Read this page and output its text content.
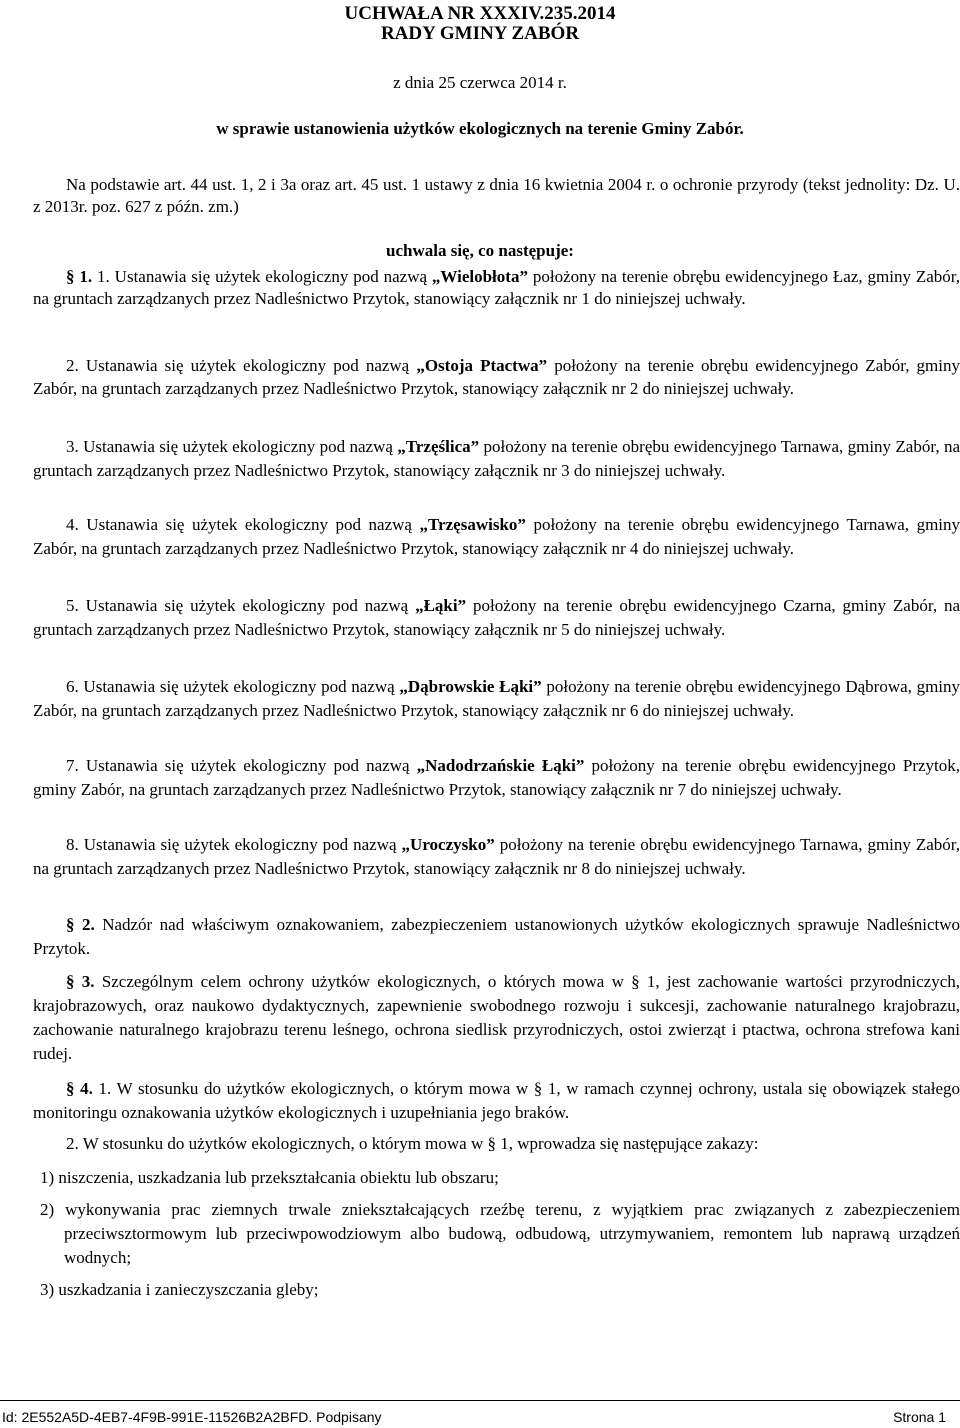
UCHWAŁA NR XXXIV.235.2014
RADY GMINY ZABÓR
z dnia 25 czerwca 2014 r.
w sprawie ustanowienia użytków ekologicznych na terenie Gminy Zabór.

Na podstawie art. 44 ust. 1, 2 i 3a oraz art. 45 ust. 1 ustawy z dnia 16 kwietnia 2004 r. o ochronie przyrody (tekst jednolity: Dz. U. z 2013r. poz. 627 z późn. zm.)

uchwala się, co następuje:
§ 1. 1. Ustanawia się użytek ekologiczny pod nazwą „Wielobłota” położony na terenie obrębu ewidencyjnego Łaz, gminy Zabór, na gruntach zarządzanych przez Nadleśnictwo Przytok, stanowiący załącznik nr 1 do niniejszej uchwały.
2. Ustanawia się użytek ekologiczny pod nazwą „Ostoja Ptactwa” położony na terenie obrębu ewidencyjnego Zabór, gminy Zabór, na gruntach zarządzanych przez Nadleśnictwo Przytok, stanowiący załącznik nr 2 do niniejszej uchwały.
3. Ustanawia się użytek ekologiczny pod nazwą „Trzęślica” położony na terenie obrębu ewidencyjnego Tarnawa, gminy Zabór, na gruntach zarządzanych przez Nadleśnictwo Przytok, stanowiący załącznik nr 3 do niniejszej uchwały.
4. Ustanawia się użytek ekologiczny pod nazwą „Trzęsawisko” położony na terenie obrębu ewidencyjnego Tarnawa, gminy Zabór, na gruntach zarządzanych przez Nadleśnictwo Przytok, stanowiący załącznik nr 4 do niniejszej uchwały.
5. Ustanawia się użytek ekologiczny pod nazwą „Łąki” położony na terenie obrębu ewidencyjnego Czarna, gminy Zabór, na gruntach zarządzanych przez Nadleśnictwo Przytok, stanowiący załącznik nr 5 do niniejszej uchwały.
6. Ustanawia się użytek ekologiczny pod nazwą „Dąbrowskie Łąki” położony na terenie obrębu ewidencyjnego Dąbrowa, gminy Zabór, na gruntach zarządzanych przez Nadleśnictwo Przytok, stanowiący załącznik nr 6 do niniejszej uchwały.
7. Ustanawia się użytek ekologiczny pod nazwą „Nadodrzańskie Łąki” położony na terenie obrębu ewidencyjnego Przytok, gminy Zabór, na gruntach zarządzanych przez Nadleśnictwo Przytok, stanowiący załącznik nr 7 do niniejszej uchwały.
8. Ustanawia się użytek ekologiczny pod nazwą „Uroczysko” położony na terenie obrębu ewidencyjnego Tarnawa, gminy Zabór, na gruntach zarządzanych przez Nadleśnictwo Przytok, stanowiący załącznik nr 8 do niniejszej uchwały.
§ 2. Nadzór nad właściwym oznakowaniem, zabezpieczeniem ustanowionych użytków ekologicznych sprawuje Nadleśnictwo Przytok.
§ 3. Szczególnym celem ochrony użytków ekologicznych, o których mowa w § 1, jest zachowanie wartości przyrodniczych, krajobrazowych, oraz naukowo dydaktycznych, zapewnienie swobodnego rozwoju i sukcesji, zachowanie naturalnego krajobrazu, zachowanie naturalnego krajobrazu terenu leśnego, ochrona siedlisk przyrodniczych, ostoi zwierząt i ptactwa, ochrona strefowa kani rudej.
§ 4. 1. W stosunku do użytków ekologicznych, o którym mowa w § 1, w ramach czynnej ochrony, ustala się obowiązek stałego monitoringu oznakowania użytków ekologicznych i uzupełniania jego braków.
2. W stosunku do użytków ekologicznych, o którym mowa w § 1, wprowadza się następujące zakazy:
1) niszczenia, uszkadzania lub przekształcania obiektu lub obszaru;
2) wykonywania prac ziemnych trwale zniekształcających rzeźbę terenu, z wyjątkiem prac związanych z zabezpieczeniem przeciwsztormowym lub przeciwpowodziowym albo budową, odbudową, utrzymywaniem, remontem lub naprawą urządzeń wodnych;
3) uszkadzania i zanieczyszczania gleby;
Id: 2E552A5D-4EB7-4F9B-991E-11526B2A2BFD. Podpisany	Strona 1
